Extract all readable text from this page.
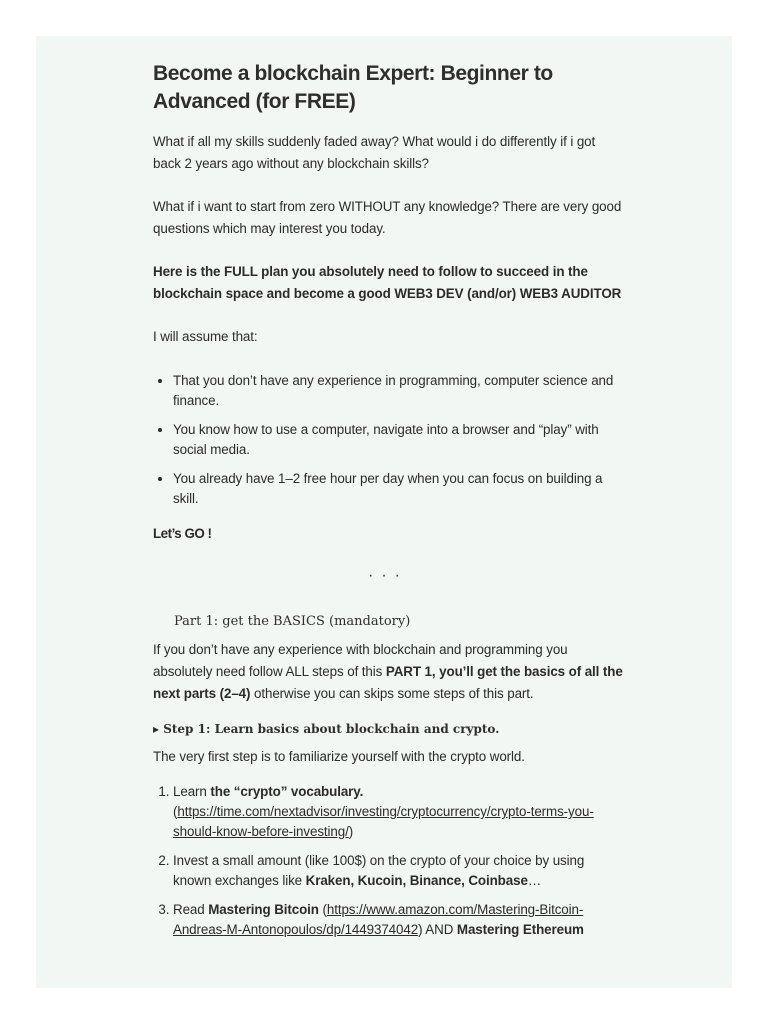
Become a blockchain Expert: Beginner to Advanced (for FREE)

What if all my skills suddenly faded away? What would i do differently if i got back 2 years ago without any blockchain skills?

What if i want to start from zero WITHOUT any knowledge? There are very good questions which may interest you today.

Here is the FULL plan you absolutely need to follow to succeed in the blockchain space and become a good WEB3 DEV (and/or) WEB3 AUDITOR

I will assume that:

• That you don’t have any experience in programming, computer science and finance.
• You know how to use a computer, navigate into a browser and “play” with social media.
• You already have 1–2 free hour per day when you can focus on building a skill.

Let’s GO !

···
Part 1: get the BASICS (mandatory)

If you don’t have any experience with blockchain and programming you absolutely need follow ALL steps of this PART 1, you’ll get the basics of all the next parts (2–4) otherwise you can skips some steps of this part.

▸ Step 1: Learn basics about blockchain and crypto.

The very first step is to familiarize yourself with the crypto world.

1. Learn the “crypto” vocabulary.
(https://time.com/nextadvisor/investing/cryptocurrency/crypto-terms-you-should-know-before-investing/)
2. Invest a small amount (like 100$) on the crypto of your choice by using known exchanges like Kraken, Kucoin, Binance, Coinbase…
3. Read Mastering Bitcoin (https://www.amazon.com/Mastering-Bitcoin-Andreas-M-Antonopoulos/dp/1449374042) AND Mastering Ethereum
